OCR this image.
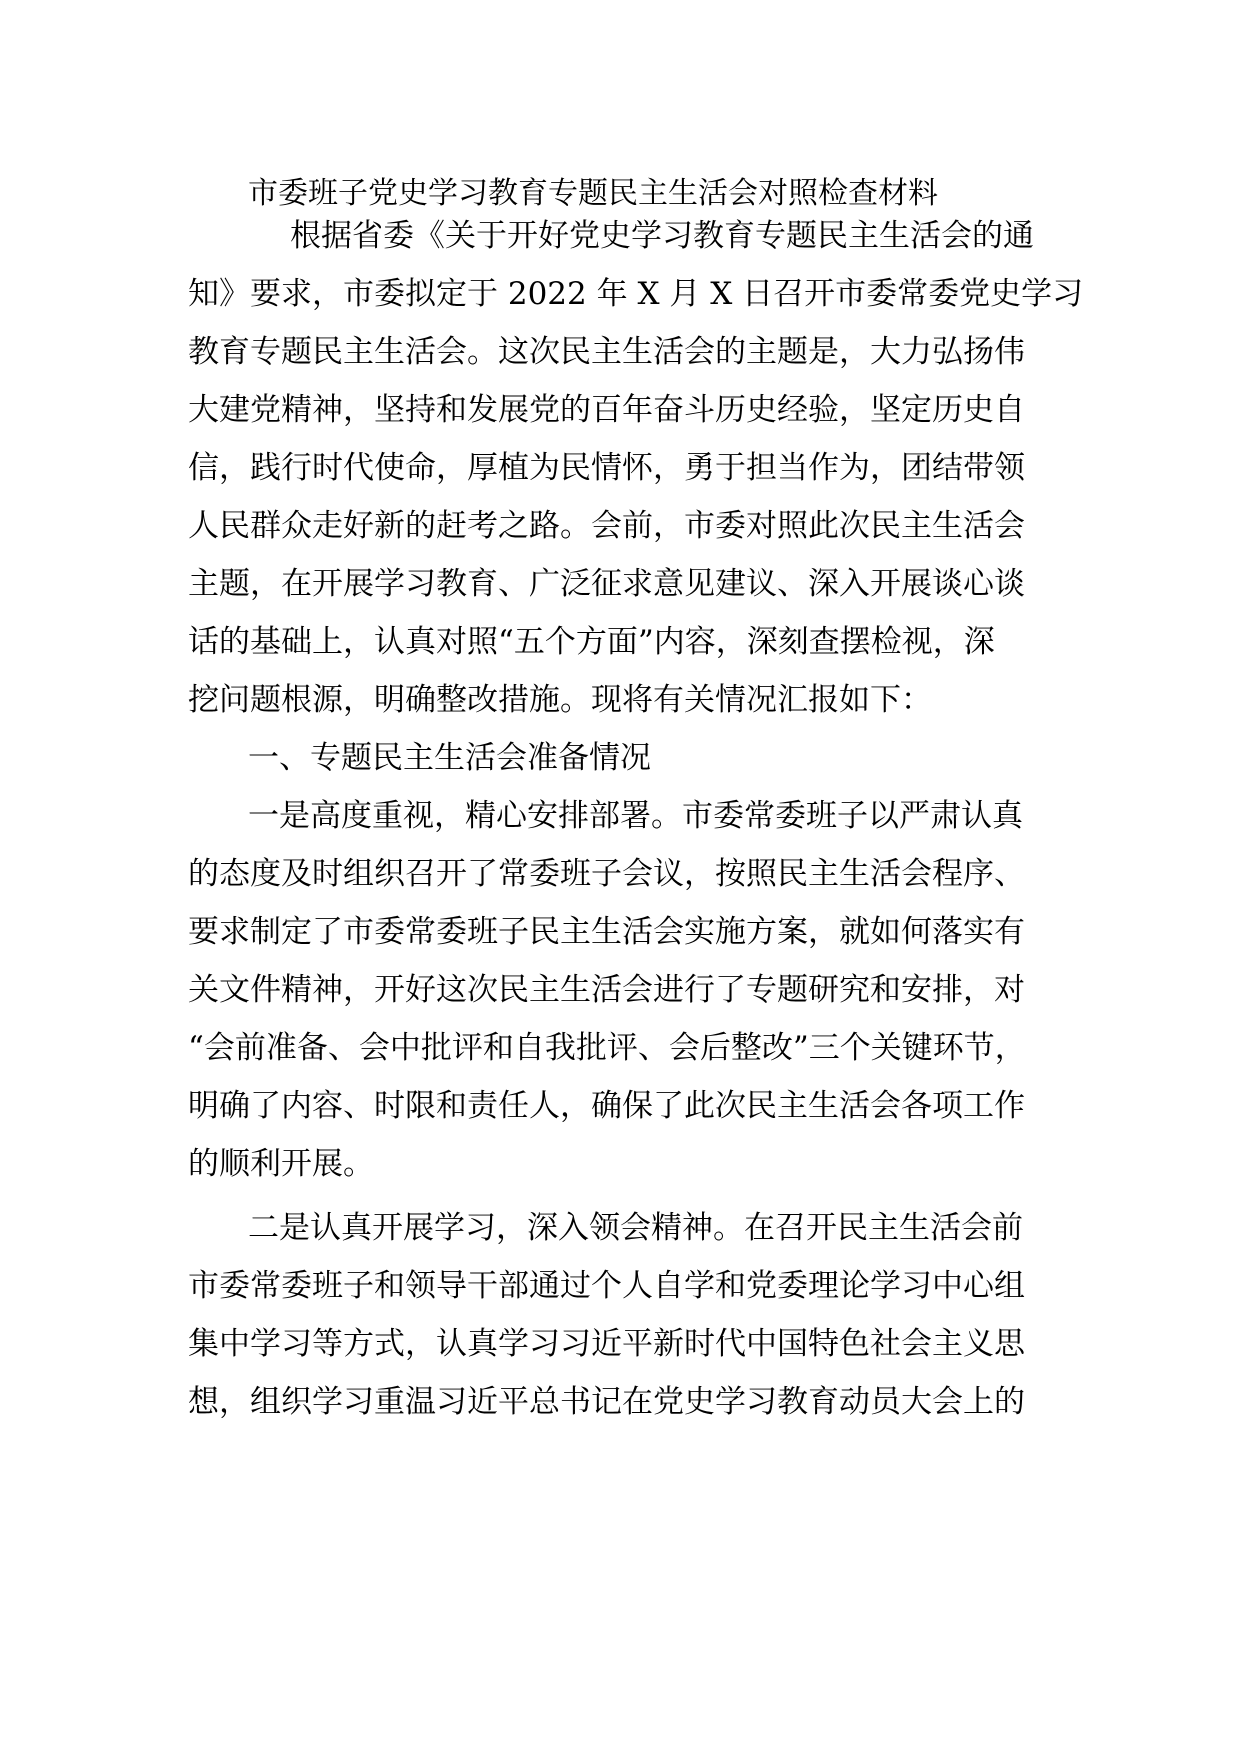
市委班子党史学习教育专题民主生活会对照检查材料

根据省委《关于开好党史学习教育专题民主生活会的通

知》要求，市委拟定于 2022 年 X 月 X 日召开市委常委党史学习

教育专题民主生活会。这次民主生活会的主题是，大力弘扬伟

大建党精神，坚持和发展党的百年奋斗历史经验，坚定历史自

信，践行时代使命，厚植为民情怀，勇于担当作为，团结带领

人民群众走好新的赶考之路。会前，市委对照此次民主生活会

主题，在开展学习教育、广泛征求意见建议、深入开展谈心谈

话的基础上，认真对照“五个方面”内容，深刻查摆检视，深

挖问题根源，明确整改措施。现将有关情况汇报如下：

一、专题民主生活会准备情况

一是高度重视，精心安排部署。市委常委班子以严肃认真

的态度及时组织召开了常委班子会议，按照民主生活会程序、

要求制定了市委常委班子民主生活会实施方案，就如何落实有

关文件精神，开好这次民主生活会进行了专题研究和安排，对

“会前准备、会中批评和自我批评、会后整改”三个关键环节，

明确了内容、时限和责任人，确保了此次民主生活会各项工作

的顺利开展。

二是认真开展学习，深入领会精神。在召开民主生活会前

市委常委班子和领导干部通过个人自学和党委理论学习中心组

集中学习等方式，认真学习习近平新时代中国特色社会主义思

想，组织学习重温习近平总书记在党史学习教育动员大会上的
